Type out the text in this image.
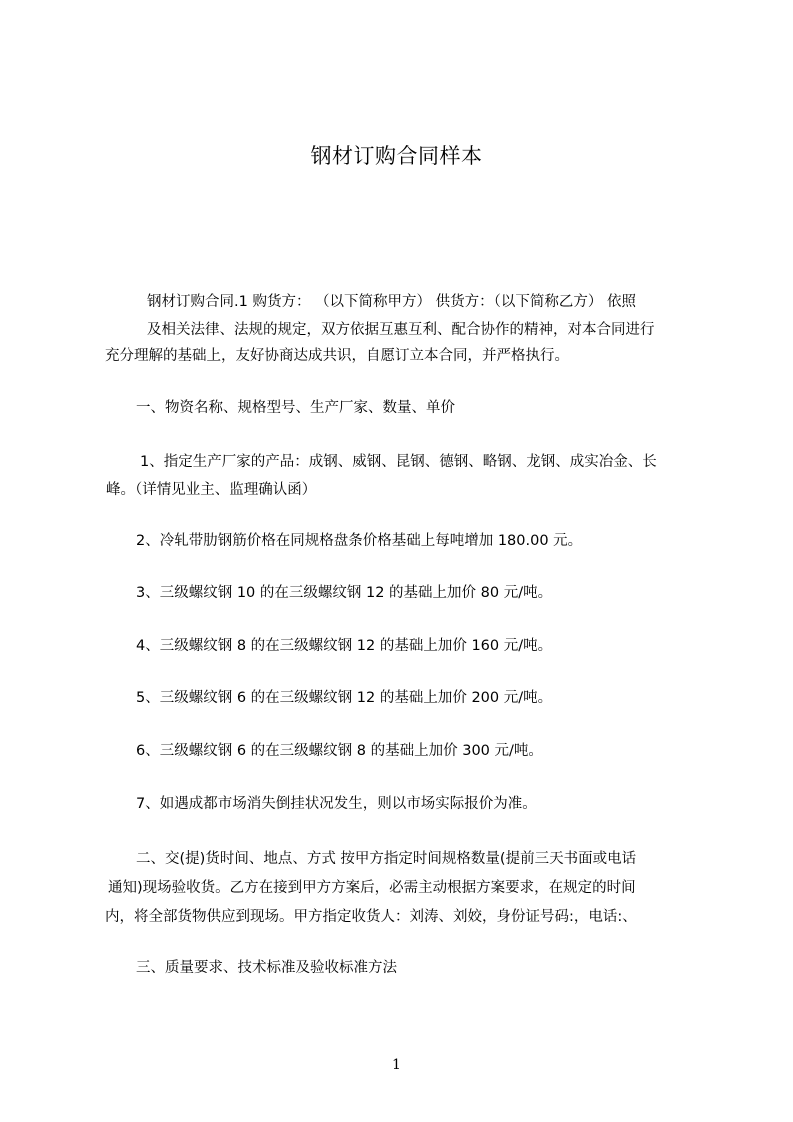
钢材订购合同样本
钢材订购合同.1 购货方： （以下简称甲方） 供货方：（以下简称乙方） 依照
及相关法律、法规的规定，双方依据互惠互利、配合协作的精神，对本合同进行
充分理解的基础上，友好协商达成共识，自愿订立本合同，并严格执行。
一、物资名称、规格型号、生产厂家、数量、单价
1、指定生产厂家的产品：成钢、威钢、昆钢、德钢、略钢、龙钢、成实冶金、长
峰。（详情见业主、监理确认函）
2、冷轧带肋钢筋价格在同规格盘条价格基础上每吨增加 180.00 元。
3、三级螺纹钢 10 的在三级螺纹钢 12 的基础上加价 80 元/吨。
4、三级螺纹钢 8 的在三级螺纹钢 12 的基础上加价 160 元/吨。
5、三级螺纹钢 6 的在三级螺纹钢 12 的基础上加价 200 元/吨。
6、三级螺纹钢 6 的在三级螺纹钢 8 的基础上加价 300 元/吨。
7、如遇成都市场消失倒挂状况发生，则以市场实际报价为准。
二、交(提)货时间、地点、方式 按甲方指定时间规格数量(提前三天书面或电话
通知)现场验收货。乙方在接到甲方方案后，必需主动根据方案要求，在规定的时间
内，将全部货物供应到现场。甲方指定收货人：刘涛、刘姣，身份证号码:，电话:、
三、质量要求、技术标准及验收标准方法
1
